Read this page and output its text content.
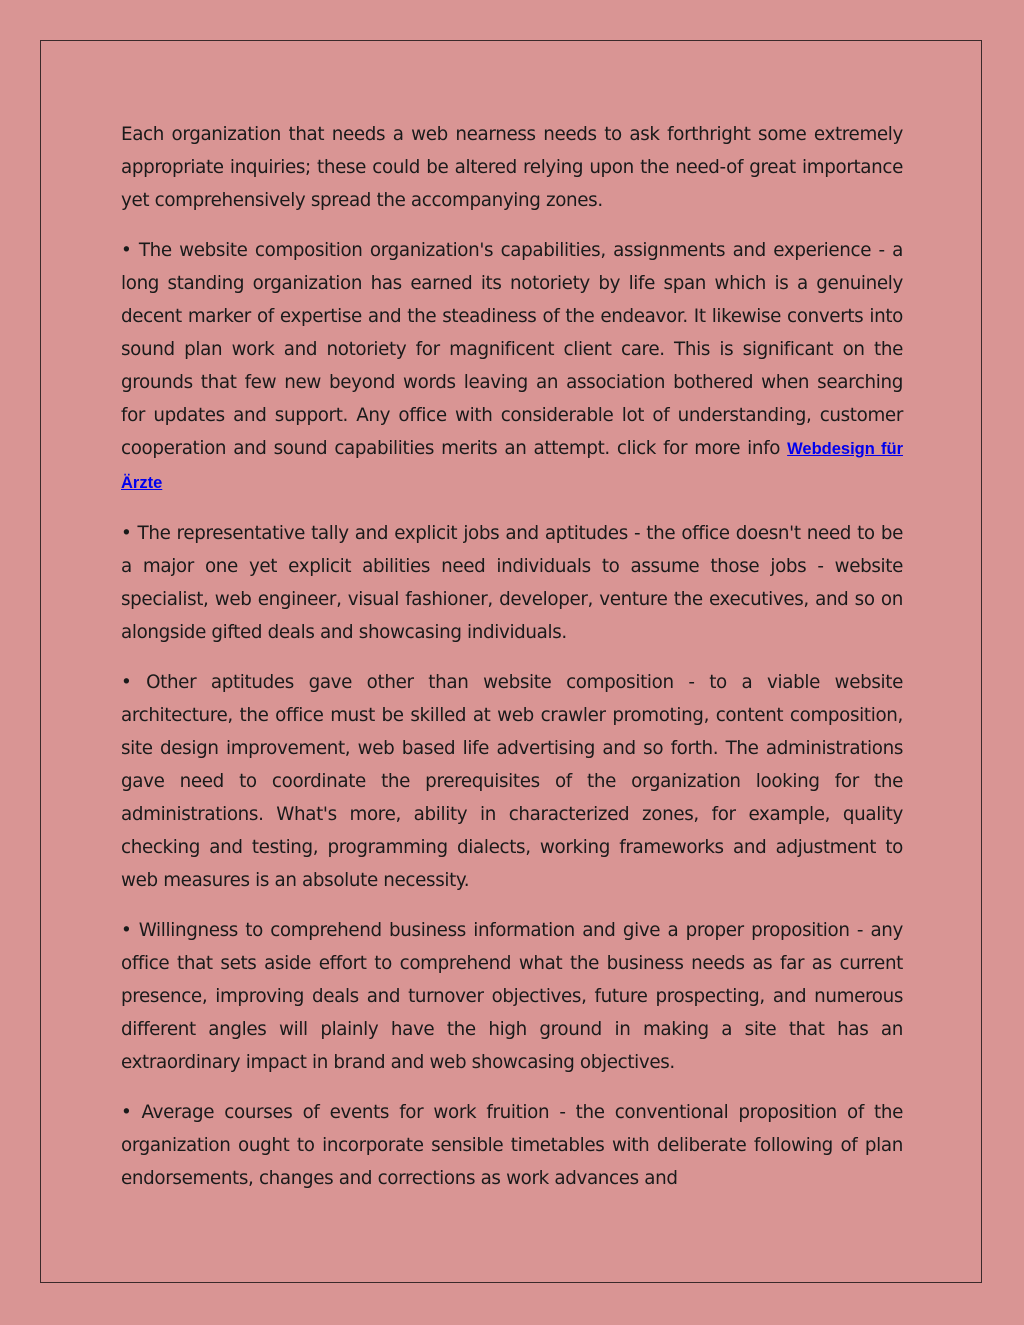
Each organization that needs a web nearness needs to ask forthright some extremely appropriate inquiries; these could be altered relying upon the need-of great importance yet comprehensively spread the accompanying zones.

• The website composition organization's capabilities, assignments and experience - a long standing organization has earned its notoriety by life span which is a genuinely decent marker of expertise and the steadiness of the endeavor. It likewise converts into sound plan work and notoriety for magnificent client care. This is significant on the grounds that few new beyond words leaving an association bothered when searching for updates and support. Any office with considerable lot of understanding, customer cooperation and sound capabilities merits an attempt. click for more info Webdesign für Ärzte

• The representative tally and explicit jobs and aptitudes - the office doesn't need to be a major one yet explicit abilities need individuals to assume those jobs - website specialist, web engineer, visual fashioner, developer, venture the executives, and so on alongside gifted deals and showcasing individuals.

• Other aptitudes gave other than website composition - to a viable website architecture, the office must be skilled at web crawler promoting, content composition, site design improvement, web based life advertising and so forth. The administrations gave need to coordinate the prerequisites of the organization looking for the administrations. What's more, ability in characterized zones, for example, quality checking and testing, programming dialects, working frameworks and adjustment to web measures is an absolute necessity.

• Willingness to comprehend business information and give a proper proposition - any office that sets aside effort to comprehend what the business needs as far as current presence, improving deals and turnover objectives, future prospecting, and numerous different angles will plainly have the high ground in making a site that has an extraordinary impact in brand and web showcasing objectives.

• Average courses of events for work fruition - the conventional proposition of the organization ought to incorporate sensible timetables with deliberate following of plan endorsements, changes and corrections as work advances and
